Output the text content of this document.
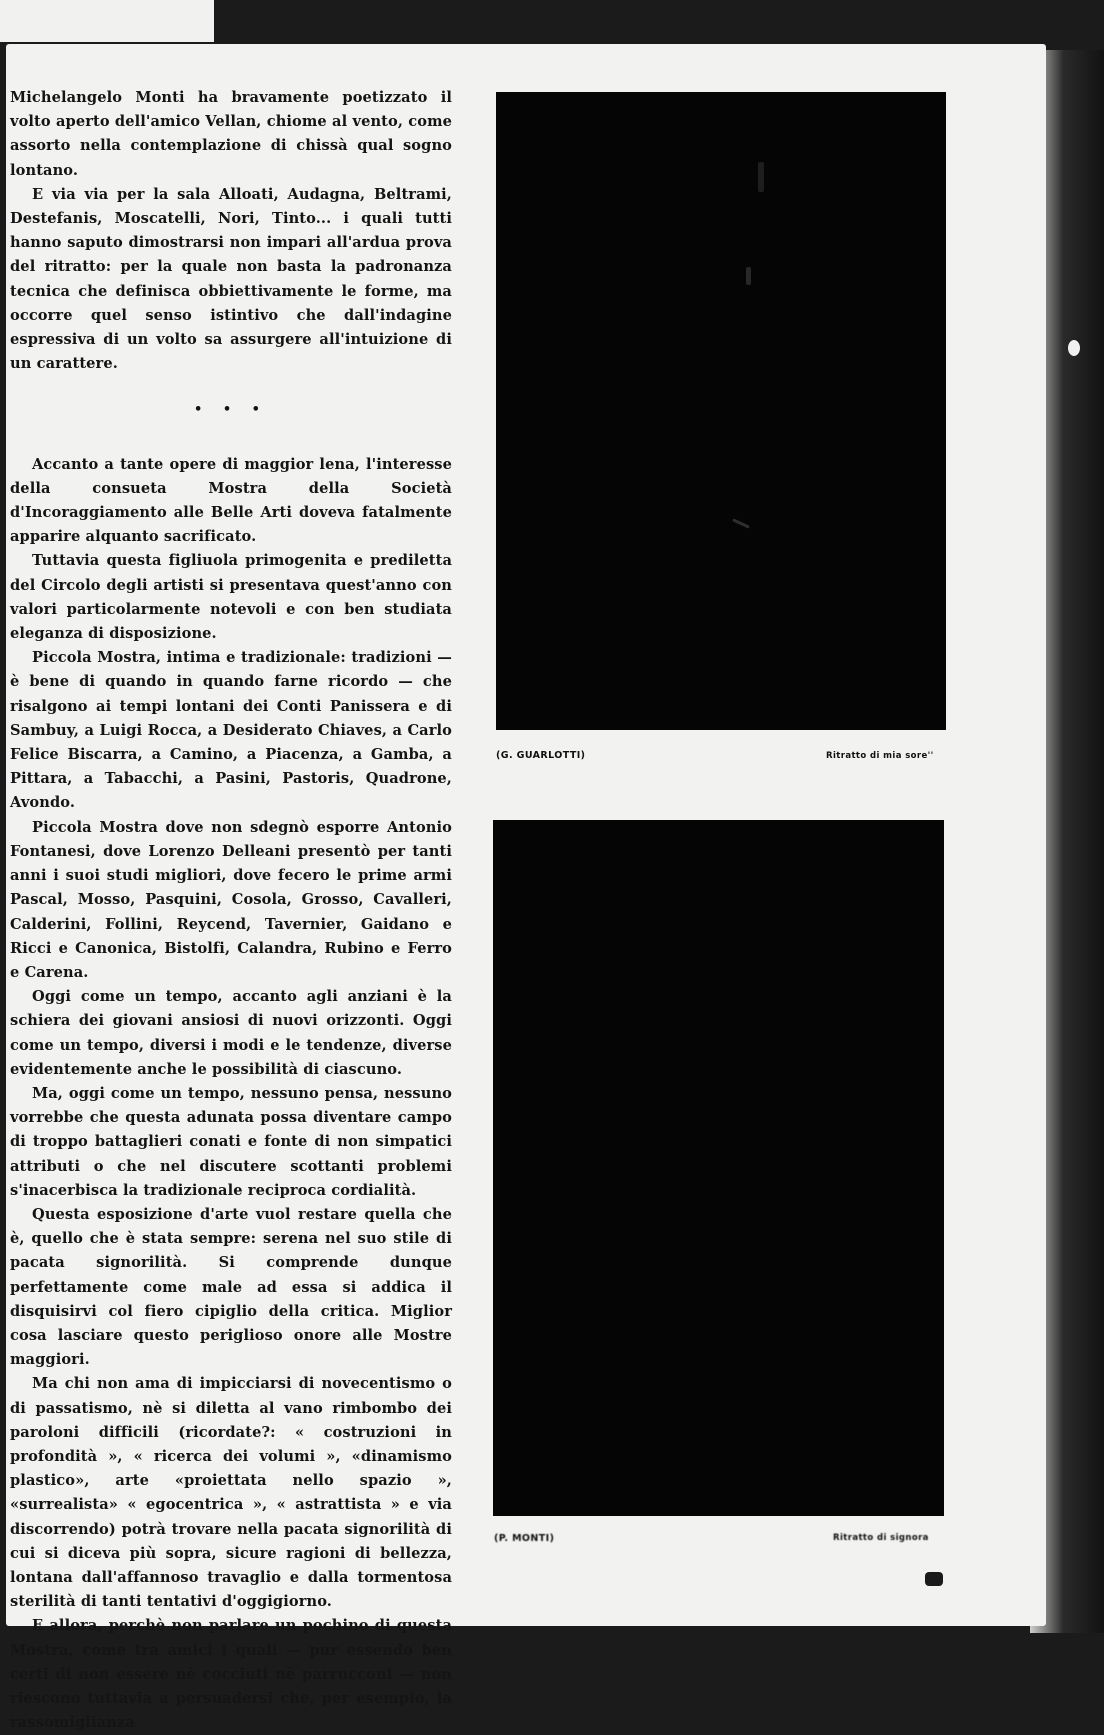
Michelangelo Monti ha bravamente poetizzato il volto aperto dell'amico Vellan, chiome al vento, come assorto nella contemplazione di chissà qual sogno lontano.

E via via per la sala Alloati, Audagna, Beltrami, Destefanis, Moscatelli, Nori, Tinto... i quali tutti hanno saputo dimostrarsi non impari all'ardua prova del ritratto: per la quale non basta la padronanza tecnica che definisca obbiettivamente le forme, ma occorre quel senso istintivo che dall'indagine espressiva di un volto sa assurgere all'intuizione di un carattere.

• • •

Accanto a tante opere di maggior lena, l'interesse della consueta Mostra della Società d'Incoraggiamento alle Belle Arti doveva fatalmente apparire alquanto sacrificato.

Tuttavia questa figliuola primogenita e prediletta del Circolo degli artisti si presentava quest'anno con valori particolarmente notevoli e con ben studiata eleganza di disposizione.

Piccola Mostra, intima e tradizionale: tradizioni — è bene di quando in quando farne ricordo — che risalgono ai tempi lontani dei Conti Panissera e di Sambuy, a Luigi Rocca, a Desiderato Chiaves, a Carlo Felice Biscarra, a Camino, a Piacenza, a Gamba, a Pittara, a Tabacchi, a Pasini, Pastoris, Quadrone, Avondo.

Piccola Mostra dove non sdegnò esporre Antonio Fontanesi, dove Lorenzo Delleani presentò per tanti anni i suoi studi migliori, dove fecero le prime armi Pascal, Mosso, Pasquini, Cosola, Grosso, Cavalleri, Calderini, Follini, Reycend, Tavernier, Gaidano e Ricci e Canonica, Bistolfi, Calandra, Rubino e Ferro e Carena.

Oggi come un tempo, accanto agli anziani è la schiera dei giovani ansiosi di nuovi orizzonti. Oggi come un tempo, diversi i modi e le tendenze, diverse evidentemente anche le possibilità di ciascuno.

Ma, oggi come un tempo, nessuno pensa, nessuno vorrebbe che questa adunata possa diventare campo di troppo battaglieri conati e fonte di non simpatici attributi o che nel discutere scottanti problemi s'inacerbisca la tradizionale reciproca cordialità.

Questa esposizione d'arte vuol restare quella che è, quello che è stata sempre: serena nel suo stile di pacata signorilità. Si comprende dunque perfettamente come male ad essa si addica il disquisirvi col fiero cipiglio della critica. Miglior cosa lasciare questo periglioso onore alle Mostre maggiori.

Ma chi non ama di impicciarsi di novecentismo o di passatismo, nè si diletta al vano rimbombo dei paroloni difficili (ricordate?: « costruzioni in profondità », « ricerca dei volumi », «dinamismo plastico», arte «proiettata nello spazio », «surrealista» « egocentrica », « astrattista » e via discorrendo) potrà trovare nella pacata signorilità di cui si diceva più sopra, sicure ragioni di bellezza, lontana dall'affannoso travaglio e dalla tormentosa sterilità di tanti tentativi d'oggigiorno.

E allora, perchè non parlare un pochino di questa Mostra, come tra amici i quali — pur essendo ben certi di non essere nè cocciuti nè parrucconi — non riescono tuttavia a persuadersi che, per esempio, la rassomiglianza

(G. GUARLOTTI)	Ritratto di mia sore''
(P. MONTI)	Ritratto di signora
